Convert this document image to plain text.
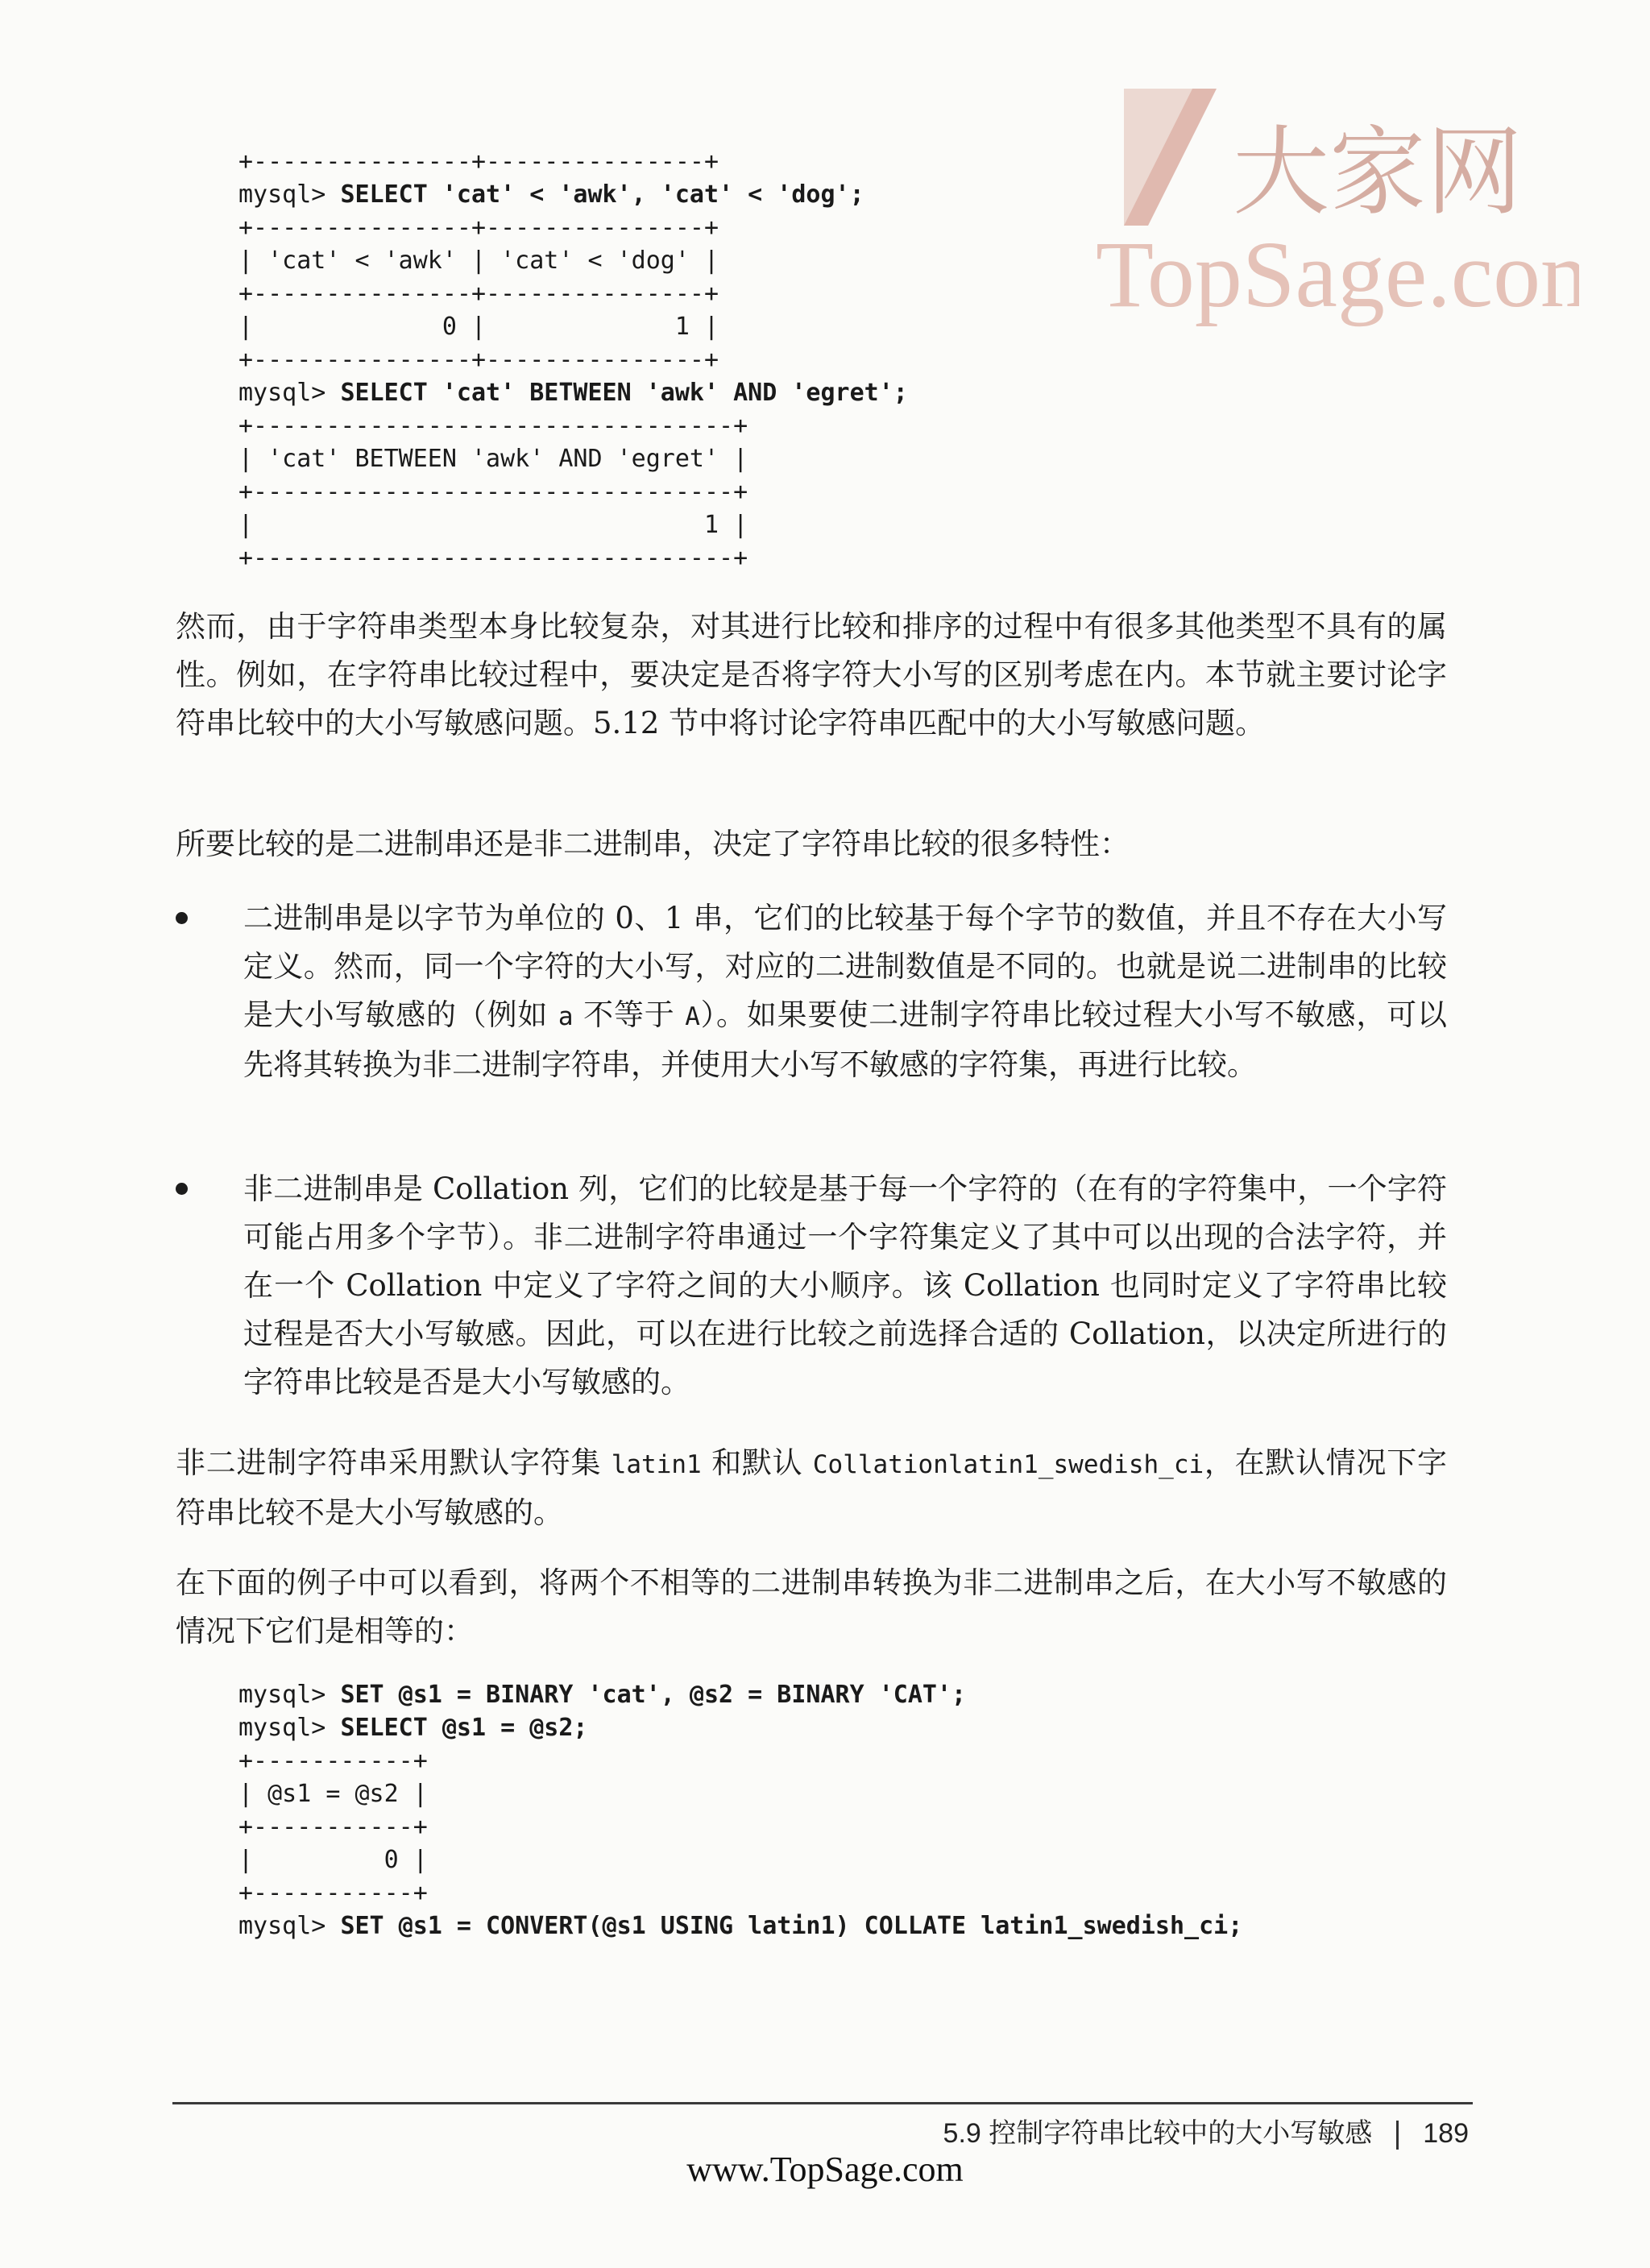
大家网
TopSage.com
+---------------+---------------+
mysql> SELECT 'cat' < 'awk', 'cat' < 'dog';
+---------------+---------------+
| 'cat' < 'awk' | 'cat' < 'dog' |
+---------------+---------------+
|             0 |             1 |
+---------------+---------------+
mysql> SELECT 'cat' BETWEEN 'awk' AND 'egret';
+---------------------------------+
| 'cat' BETWEEN 'awk' AND 'egret' |
+---------------------------------+
|                               1 |
+---------------------------------+

然而，由于字符串类型本身比较复杂，对其进行比较和排序的过程中有很多其他类型不具有的属性。例如，在字符串比较过程中，要决定是否将字符大小写的区别考虑在内。本节就主要讨论字符串比较中的大小写敏感问题。5.12 节中将讨论字符串匹配中的大小写敏感问题。

所要比较的是二进制串还是非二进制串，决定了字符串比较的很多特性：

二进制串是以字节为单位的 0、1 串，它们的比较基于每个字节的数值，并且不存在大小写定义。然而，同一个字符的大小写，对应的二进制数值是不同的。也就是说二进制串的比较是大小写敏感的（例如 a 不等于 A）。如果要使二进制字符串比较过程大小写不敏感，可以先将其转换为非二进制字符串，并使用大小写不敏感的字符集，再进行比较。

非二进制串是 Collation 列，它们的比较是基于每一个字符的（在有的字符集中，一个字符可能占用多个字节）。非二进制字符串通过一个字符集定义了其中可以出现的合法字符，并在一个 Collation 中定义了字符之间的大小顺序。该 Collation 也同时定义了字符串比较过程是否大小写敏感。因此，可以在进行比较之前选择合适的 Collation，以决定所进行的字符串比较是否是大小写敏感的。

非二进制字符串采用默认字符集 latin1 和默认 Collationlatin1_swedish_ci，在默认情况下字符串比较不是大小写敏感的。

在下面的例子中可以看到，将两个不相等的二进制串转换为非二进制串之后，在大小写不敏感的情况下它们是相等的：

mysql> SET @s1 = BINARY 'cat', @s2 = BINARY 'CAT';
mysql> SELECT @s1 = @s2;
+-----------+
| @s1 = @s2 |
+-----------+
|         0 |
+-----------+
mysql> SET @s1 = CONVERT(@s1 USING latin1) COLLATE latin1_swedish_ci;
5.9 控制字符串比较中的大小写敏感 189
www.TopSage.com
